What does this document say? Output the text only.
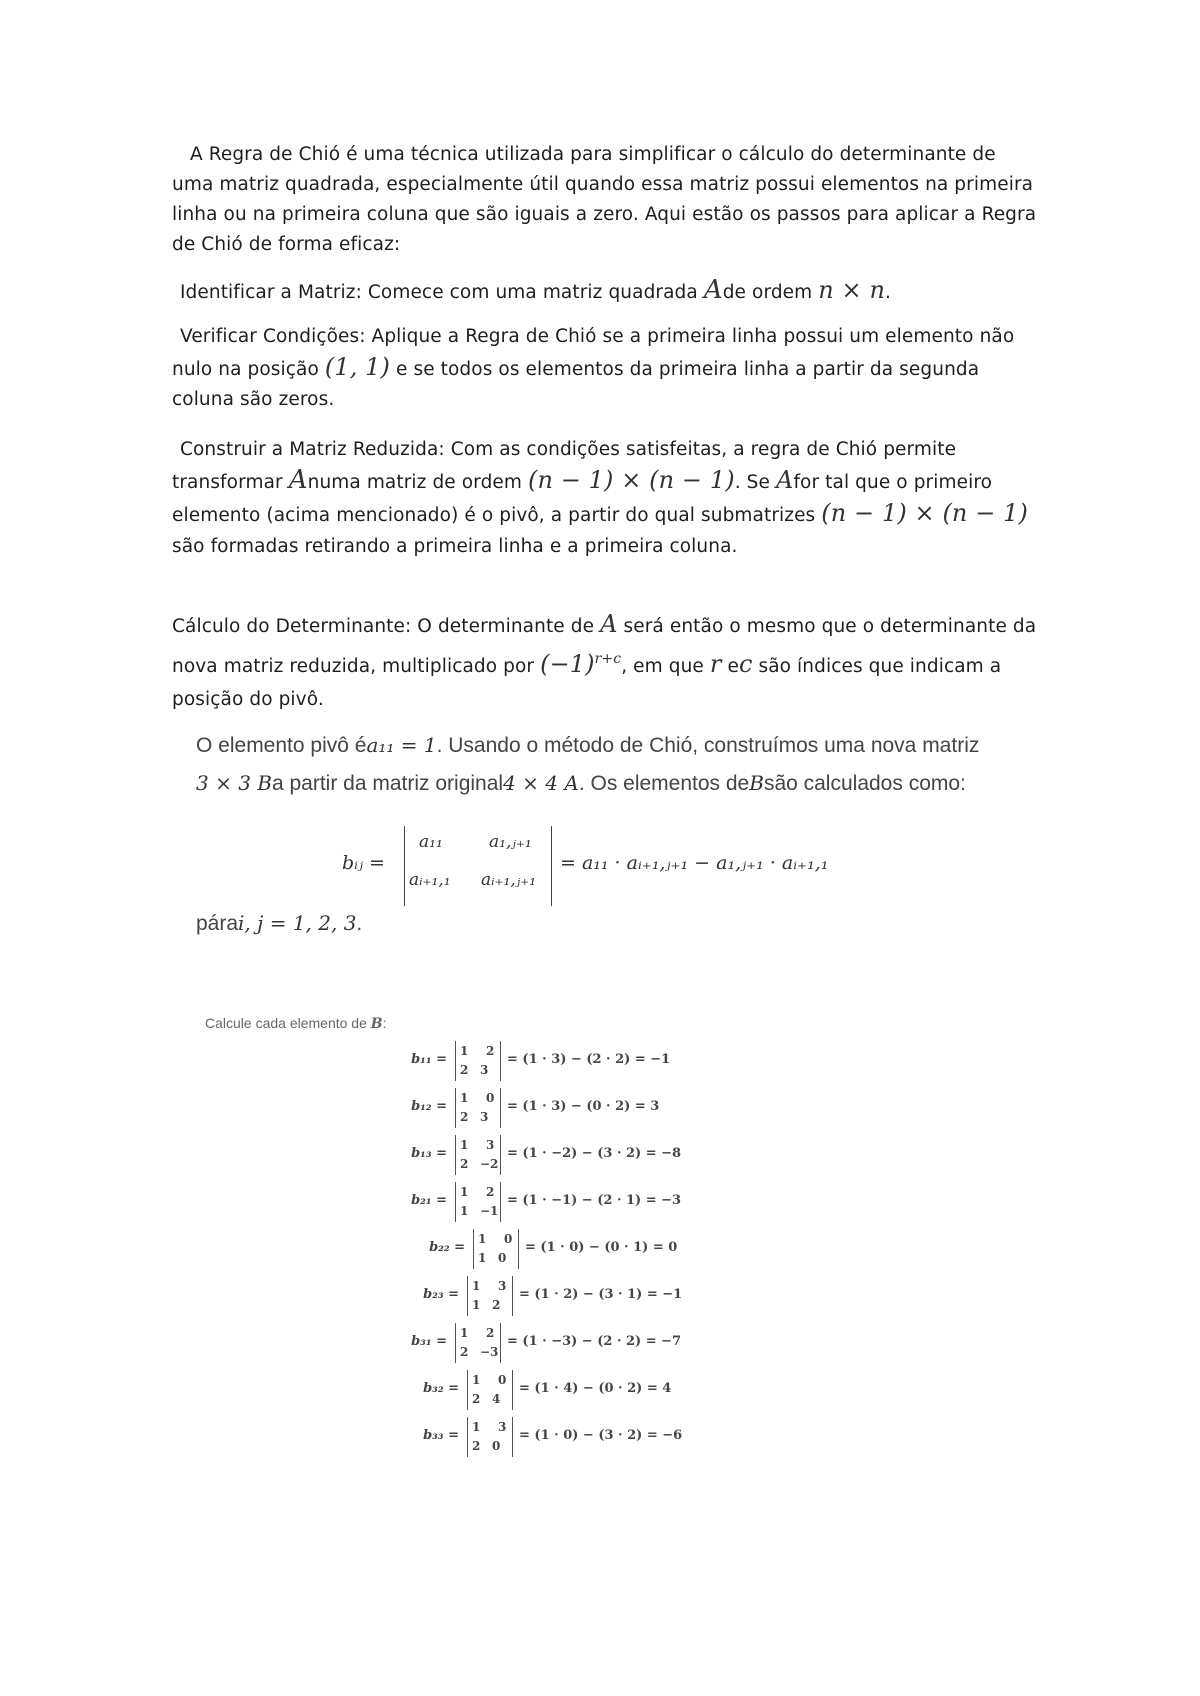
A Regra de Chió é uma técnica utilizada para simplificar o cálculo do determinante de uma matriz quadrada, especialmente útil quando essa matriz possui elementos na primeira linha ou na primeira coluna que são iguais a zero. Aqui estão os passos para aplicar a Regra de Chió de forma eficaz:
Identificar a Matriz: Comece com uma matriz quadrada Ade ordem n × n.
Verificar Condições: Aplique a Regra de Chió se a primeira linha possui um elemento não nulo na posição (1, 1) e se todos os elementos da primeira linha a partir da segunda coluna são zeros.
Construir a Matriz Reduzida: Com as condições satisfeitas, a regra de Chió permite transformar Anuma matriz de ordem (n − 1) × (n − 1). Se Afor tal que o primeiro elemento (acima mencionado) é o pivô, a partir do qual submatrizes (n − 1) × (n − 1) são formadas retirando a primeira linha e a primeira coluna.
Cálculo do Determinante: O determinante de A será então o mesmo que o determinante da nova matriz reduzida, multiplicado por $(-1)^{r+c}$, em que r ec são índices que indicam a posição do pivô.
O elemento pivô éa₁₁ = 1. Usando o método de Chió, construímos uma nova matriz
3 × 3 Ba partir da matriz original4 × 4 A. Os elementos deBsão calculados como:
bᵢⱼ =
a₁₁	a₁,ⱼ₊₁
aᵢ₊₁,₁ aᵢ₊₁,ⱼ₊₁
= a₁₁ · aᵢ₊₁,ⱼ₊₁ − a₁,ⱼ₊₁ · aᵢ₊₁,₁
párai, j = 1, 2, 3.
Calcule cada elemento de B:
b₁₁ =
1 2
2 3
= (1 · 3) − (2 · 2) = −1
b₁₂ =
1 0
2 3
= (1 · 3) − (0 · 2) = 3
b₁₃ =
1 3
2 −2
= (1 · −2) − (3 · 2) = −8
b₂₁ =
1 2
1 −1
= (1 · −1) − (2 · 1) = −3
b₂₂ =
1 0
1 0
= (1 · 0) − (0 · 1) = 0
b₂₃ =
1 3
1 2
= (1 · 2) − (3 · 1) = −1
b₃₁ =
1 2
2 −3
= (1 · −3) − (2 · 2) = −7
b₃₂ =
1 0
2 4
= (1 · 4) − (0 · 2) = 4
b₃₃ =
1 3
2 0
= (1 · 0) − (3 · 2) = −6
